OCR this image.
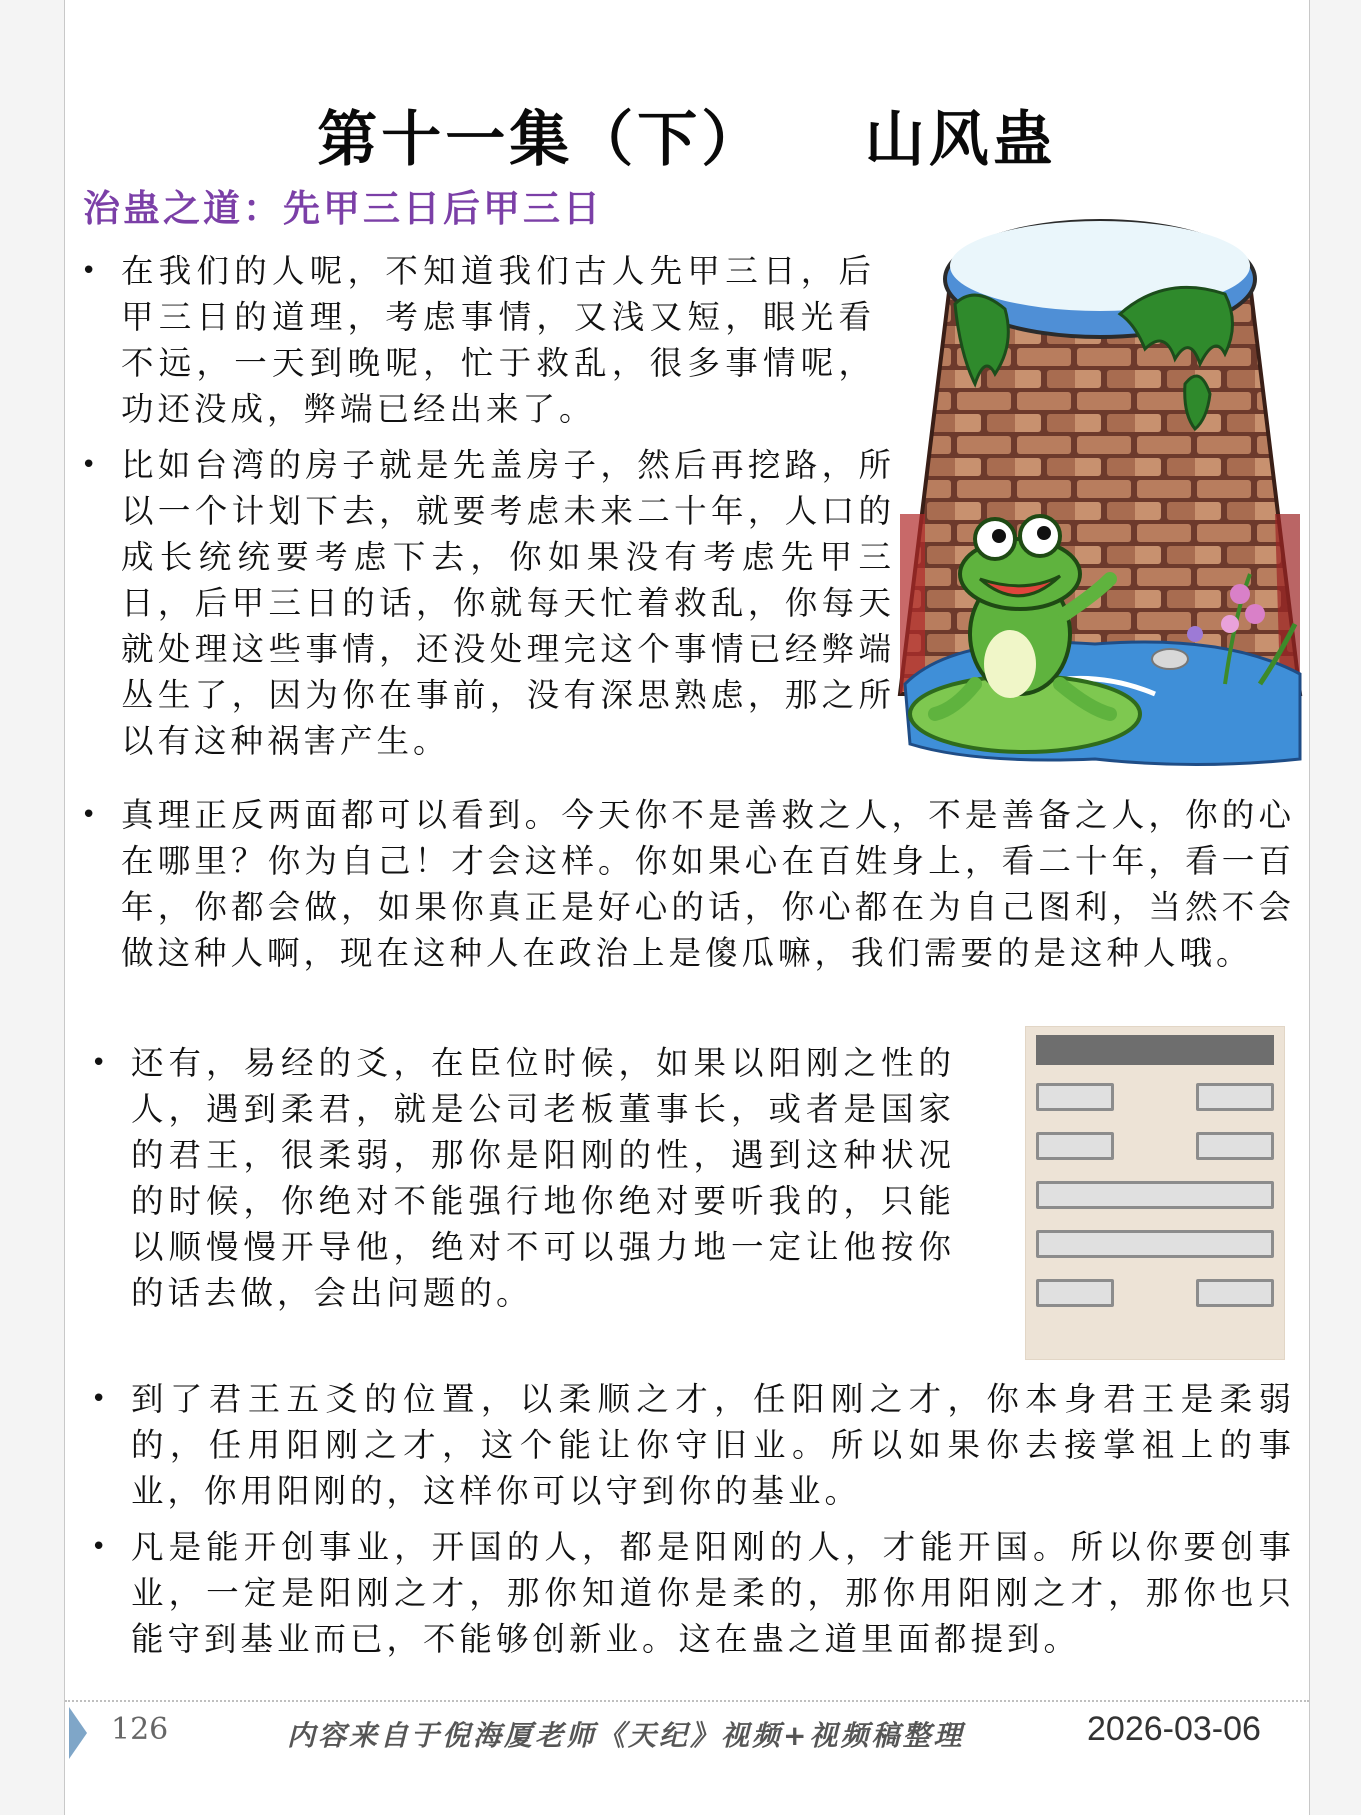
第十一集（下）    山风蛊
治蛊之道：先甲三日后甲三日
• 在我们的人呢，不知道我们古人先甲三日，后甲三日的道理，考虑事情，又浅又短，眼光看不远，一天到晚呢，忙于救乱，很多事情呢，功还没成，弊端已经出来了。
• 比如台湾的房子就是先盖房子，然后再挖路，所以一个计划下去，就要考虑未来二十年，人口的成长统统要考虑下去，你如果没有考虑先甲三日，后甲三日的话，你就每天忙着救乱，你每天就处理这些事情，还没处理完这个事情已经弊端丛生了，因为你在事前，没有深思熟虑，那之所以有这种祸害产生。
• 真理正反两面都可以看到。今天你不是善救之人，不是善备之人，你的心在哪里？你为自己！才会这样。你如果心在百姓身上，看二十年，看一百年，你都会做，如果你真正是好心的话，你心都在为自己图利，当然不会做这种人啊，现在这种人在政治上是傻瓜嘛，我们需要的是这种人哦。
• 还有，易经的爻，在臣位时候，如果以阳刚之性的人，遇到柔君，就是公司老板董事长，或者是国家的君王，很柔弱，那你是阳刚的性，遇到这种状况的时候，你绝对不能强行地你绝对要听我的，只能以顺慢慢开导他，绝对不可以强力地一定让他按你的话去做，会出问题的。
• 到了君王五爻的位置，以柔顺之才，任阳刚之才，你本身君王是柔弱的，任用阳刚之才，这个能让你守旧业。所以如果你去接掌祖上的事业，你用阳刚的，这样你可以守到你的基业。
• 凡是能开创事业，开国的人，都是阳刚的人，才能开国。所以你要创事业，一定是阳刚之才，那你知道你是柔的，那你用阳刚之才，那你也只能守到基业而已，不能够创新业。这在蛊之道里面都提到。
126	内容来自于倪海厦老师《天纪》视频+视频稿整理	2026-03-06
